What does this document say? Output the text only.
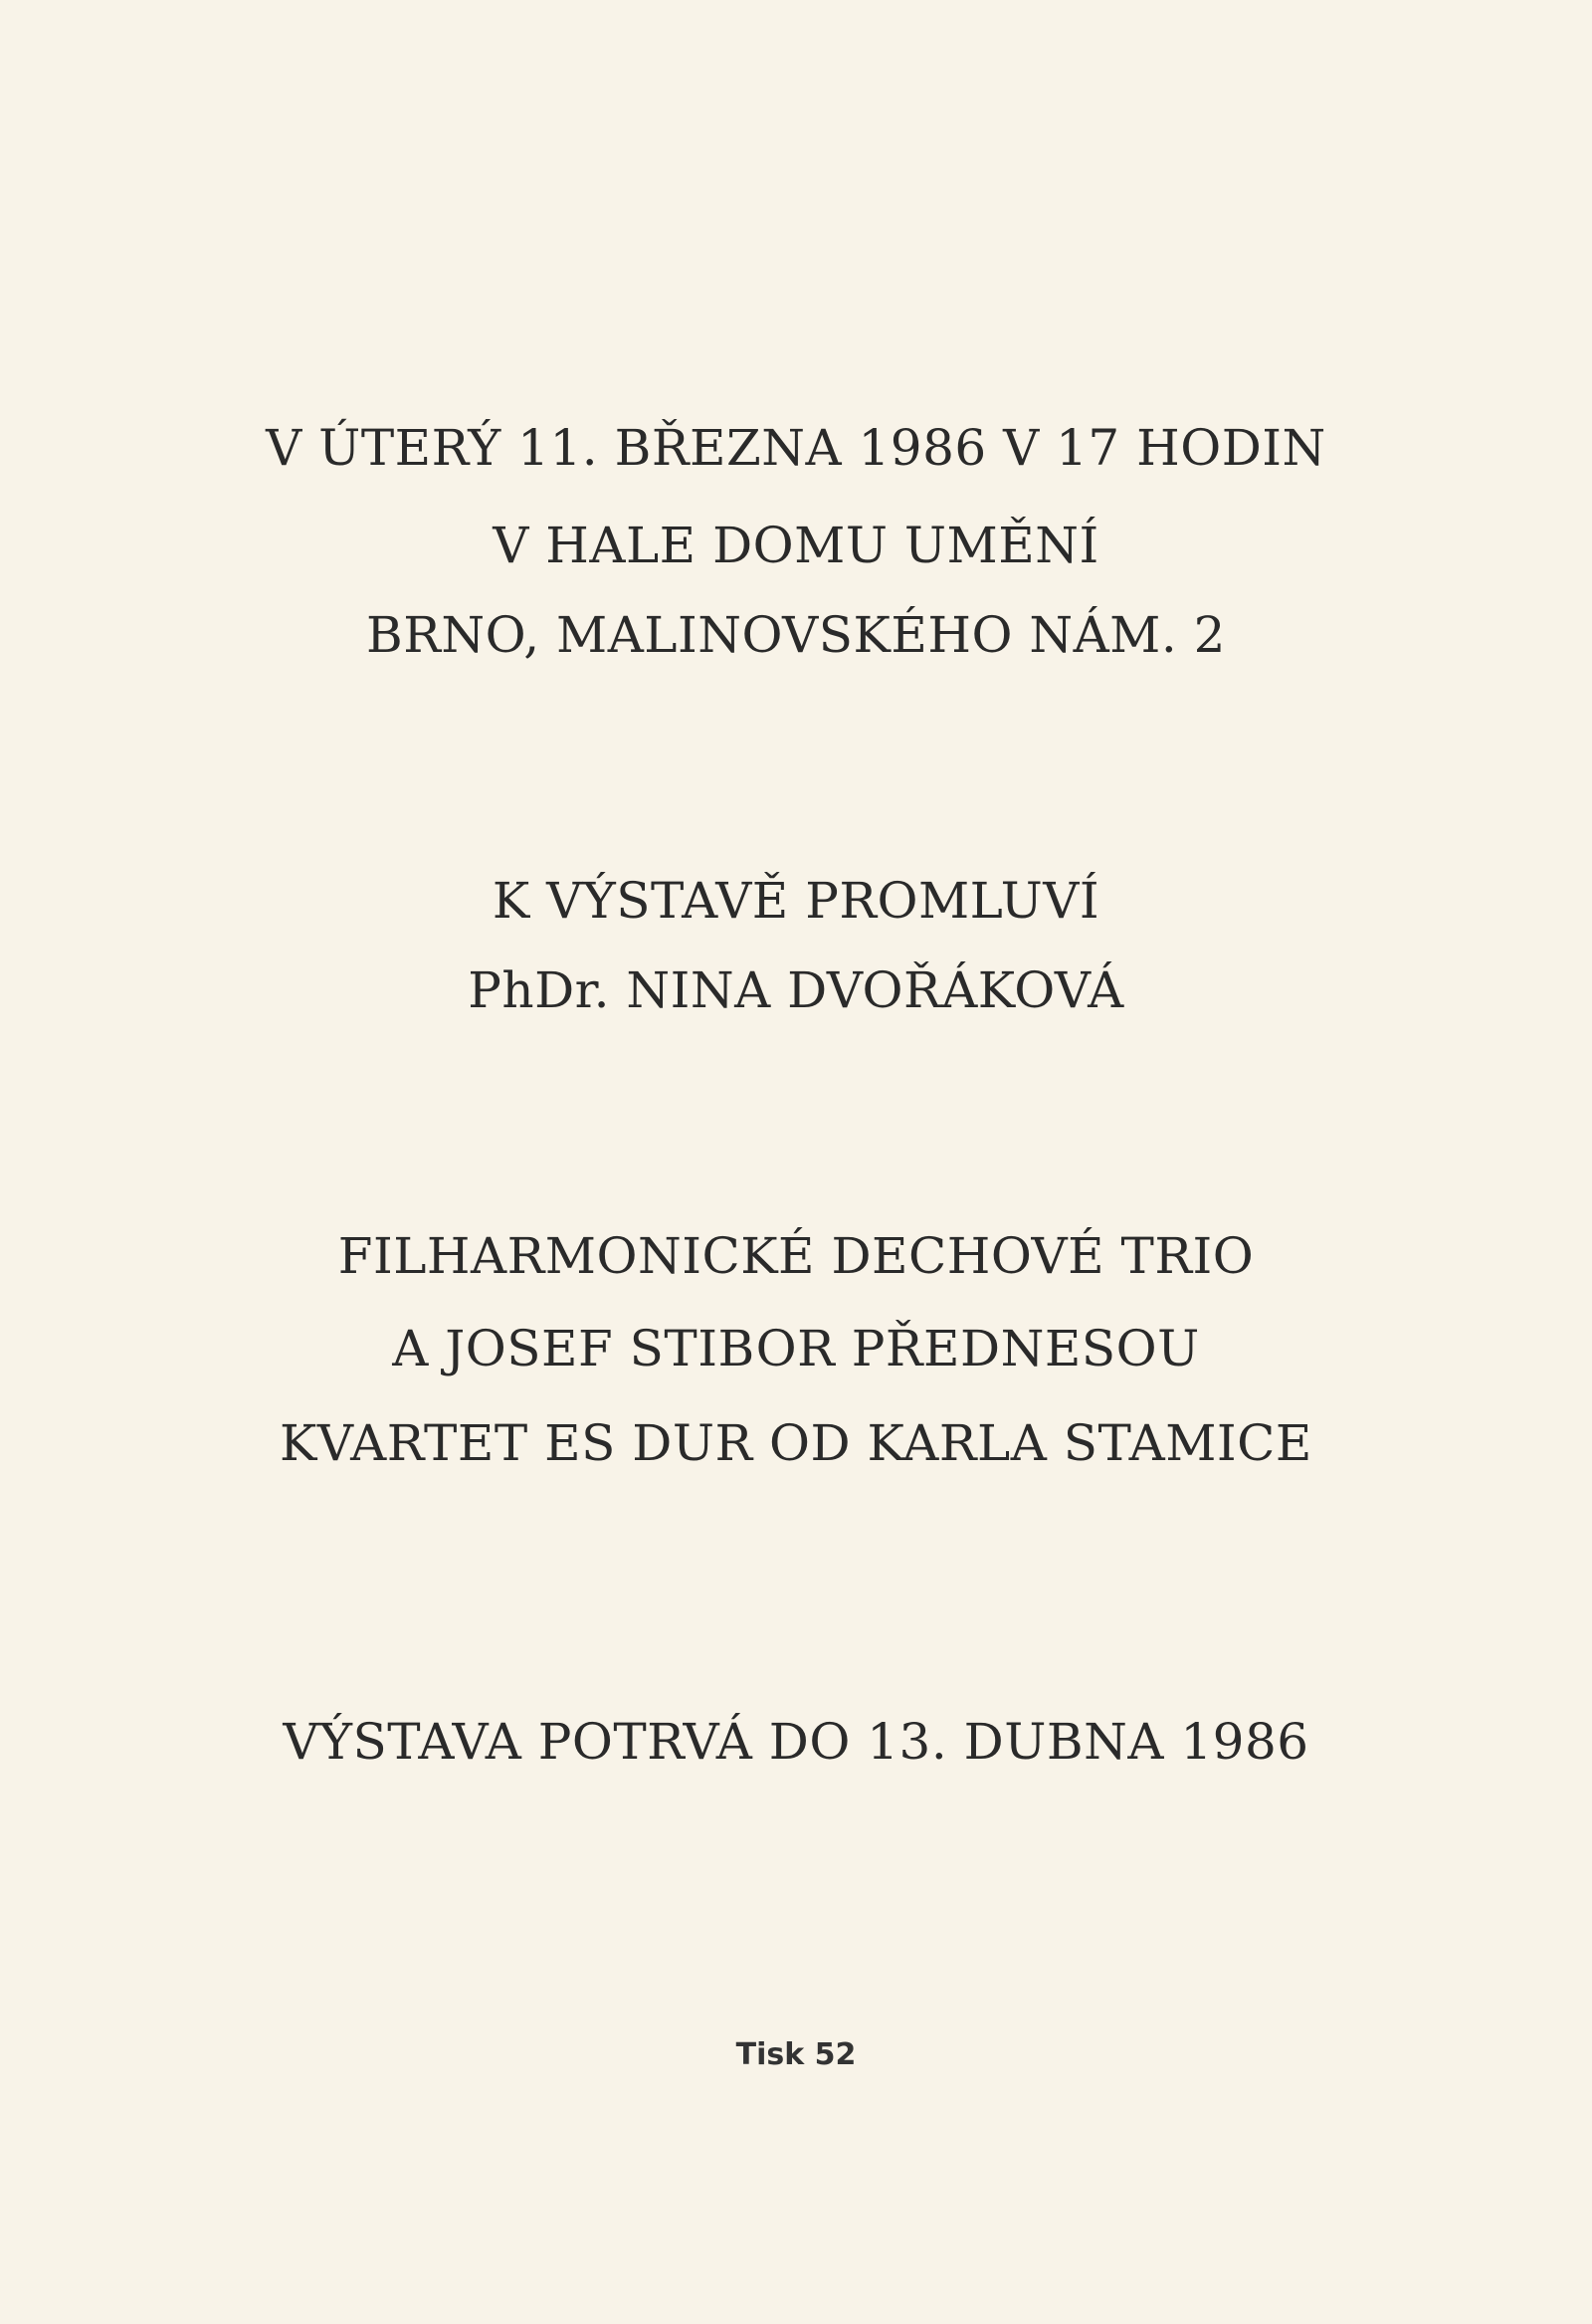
V ÚTERÝ 11. BŘEZNA 1986 V 17 HODIN
V HALE DOMU UMĚNÍ
BRNO, MALINOVSKÉHO NÁM. 2
K VÝSTAVĚ PROMLUVÍ
PhDr. NINA DVOŘÁKOVÁ
FILHARMONICKÉ DECHOVÉ TRIO
A JOSEF STIBOR PŘEDNESOU
KVARTET ES DUR OD KARLA STAMICE
VÝSTAVA POTRVÁ DO 13. DUBNA 1986
Tisk 52
